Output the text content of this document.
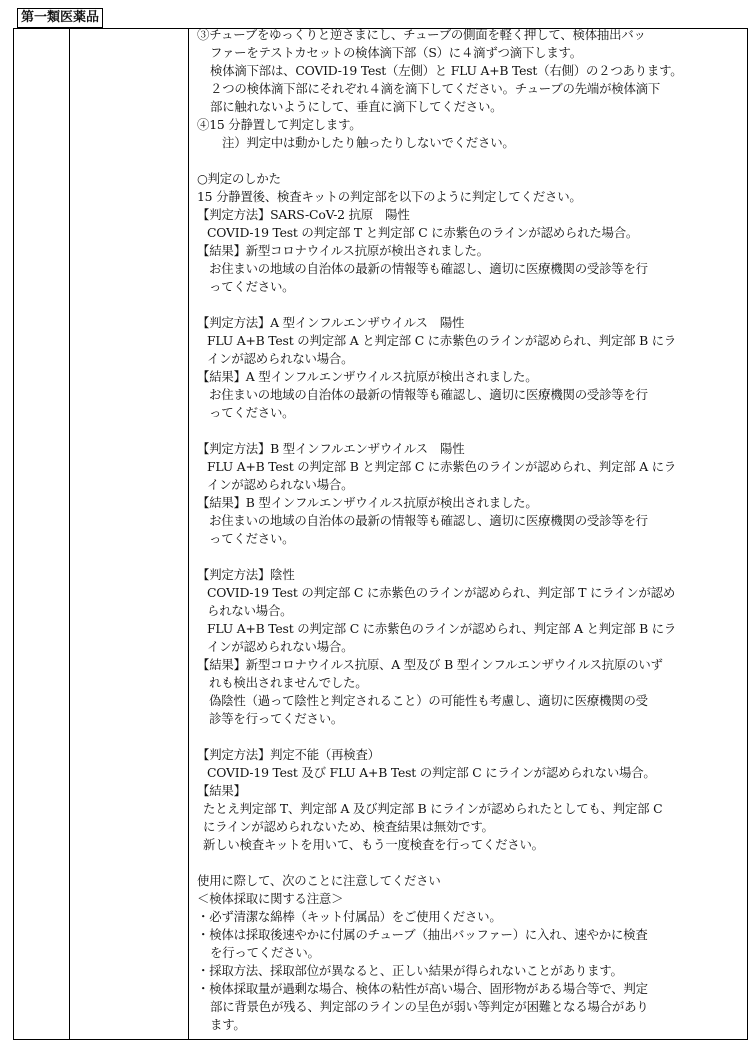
第一類医薬品
③チューブをゆっくりと逆さまにし、チューブの側面を軽く押して、検体抽出バッ
ファーをテストカセットの検体滴下部（S）に４滴ずつ滴下します。
検体滴下部は、COVID-19 Test（左側）と FLU A+B Test（右側）の２つあります。
２つの検体滴下部にそれぞれ４滴を滴下してください。チューブの先端が検体滴下
部に触れないようにして、垂直に滴下してください。
④15 分静置して判定します。
注）判定中は動かしたり触ったりしないでください。
○判定のしかた
15 分静置後、検査キットの判定部を以下のように判定してください。
【判定方法】SARS-CoV-2 抗原　陽性
COVID-19 Test の判定部 T と判定部 C に赤紫色のラインが認められた場合。
【結果】新型コロナウイルス抗原が検出されました。
お住まいの地域の自治体の最新の情報等も確認し、適切に医療機関の受診等を行
ってください。
【判定方法】A 型インフルエンザウイルス　陽性
FLU A+B Test の判定部 A と判定部 C に赤紫色のラインが認められ、判定部 B にラ
インが認められない場合。
【結果】A 型インフルエンザウイルス抗原が検出されました。
お住まいの地域の自治体の最新の情報等も確認し、適切に医療機関の受診等を行
ってください。
【判定方法】B 型インフルエンザウイルス　陽性
FLU A+B Test の判定部 B と判定部 C に赤紫色のラインが認められ、判定部 A にラ
インが認められない場合。
【結果】B 型インフルエンザウイルス抗原が検出されました。
お住まいの地域の自治体の最新の情報等も確認し、適切に医療機関の受診等を行
ってください。
【判定方法】陰性
COVID-19 Test の判定部 C に赤紫色のラインが認められ、判定部 T にラインが認め
られない場合。
FLU A+B Test の判定部 C に赤紫色のラインが認められ、判定部 A と判定部 B にラ
インが認められない場合。
【結果】新型コロナウイルス抗原、A 型及び B 型インフルエンザウイルス抗原のいず
れも検出されませんでした。
偽陰性（過って陰性と判定されること）の可能性も考慮し、適切に医療機関の受
診等を行ってください。
【判定方法】判定不能（再検査）
COVID-19 Test 及び FLU A+B Test の判定部 C にラインが認められない場合。
【結果】
たとえ判定部 T、判定部 A 及び判定部 B にラインが認められたとしても、判定部 C
にラインが認められないため、検査結果は無効です。
新しい検査キットを用いて、もう一度検査を行ってください。
使用に際して、次のことに注意してください
＜検体採取に関する注意＞
・必ず清潔な綿棒（キット付属品）をご使用ください。
・検体は採取後速やかに付属のチューブ（抽出バッファー）に入れ、速やかに検査
を行ってください。
・採取方法、採取部位が異なると、正しい結果が得られないことがあります。
・検体採取量が過剰な場合、検体の粘性が高い場合、固形物がある場合等で、判定
部に背景色が残る、判定部のラインの呈色が弱い等判定が困難となる場合があり
ます。
